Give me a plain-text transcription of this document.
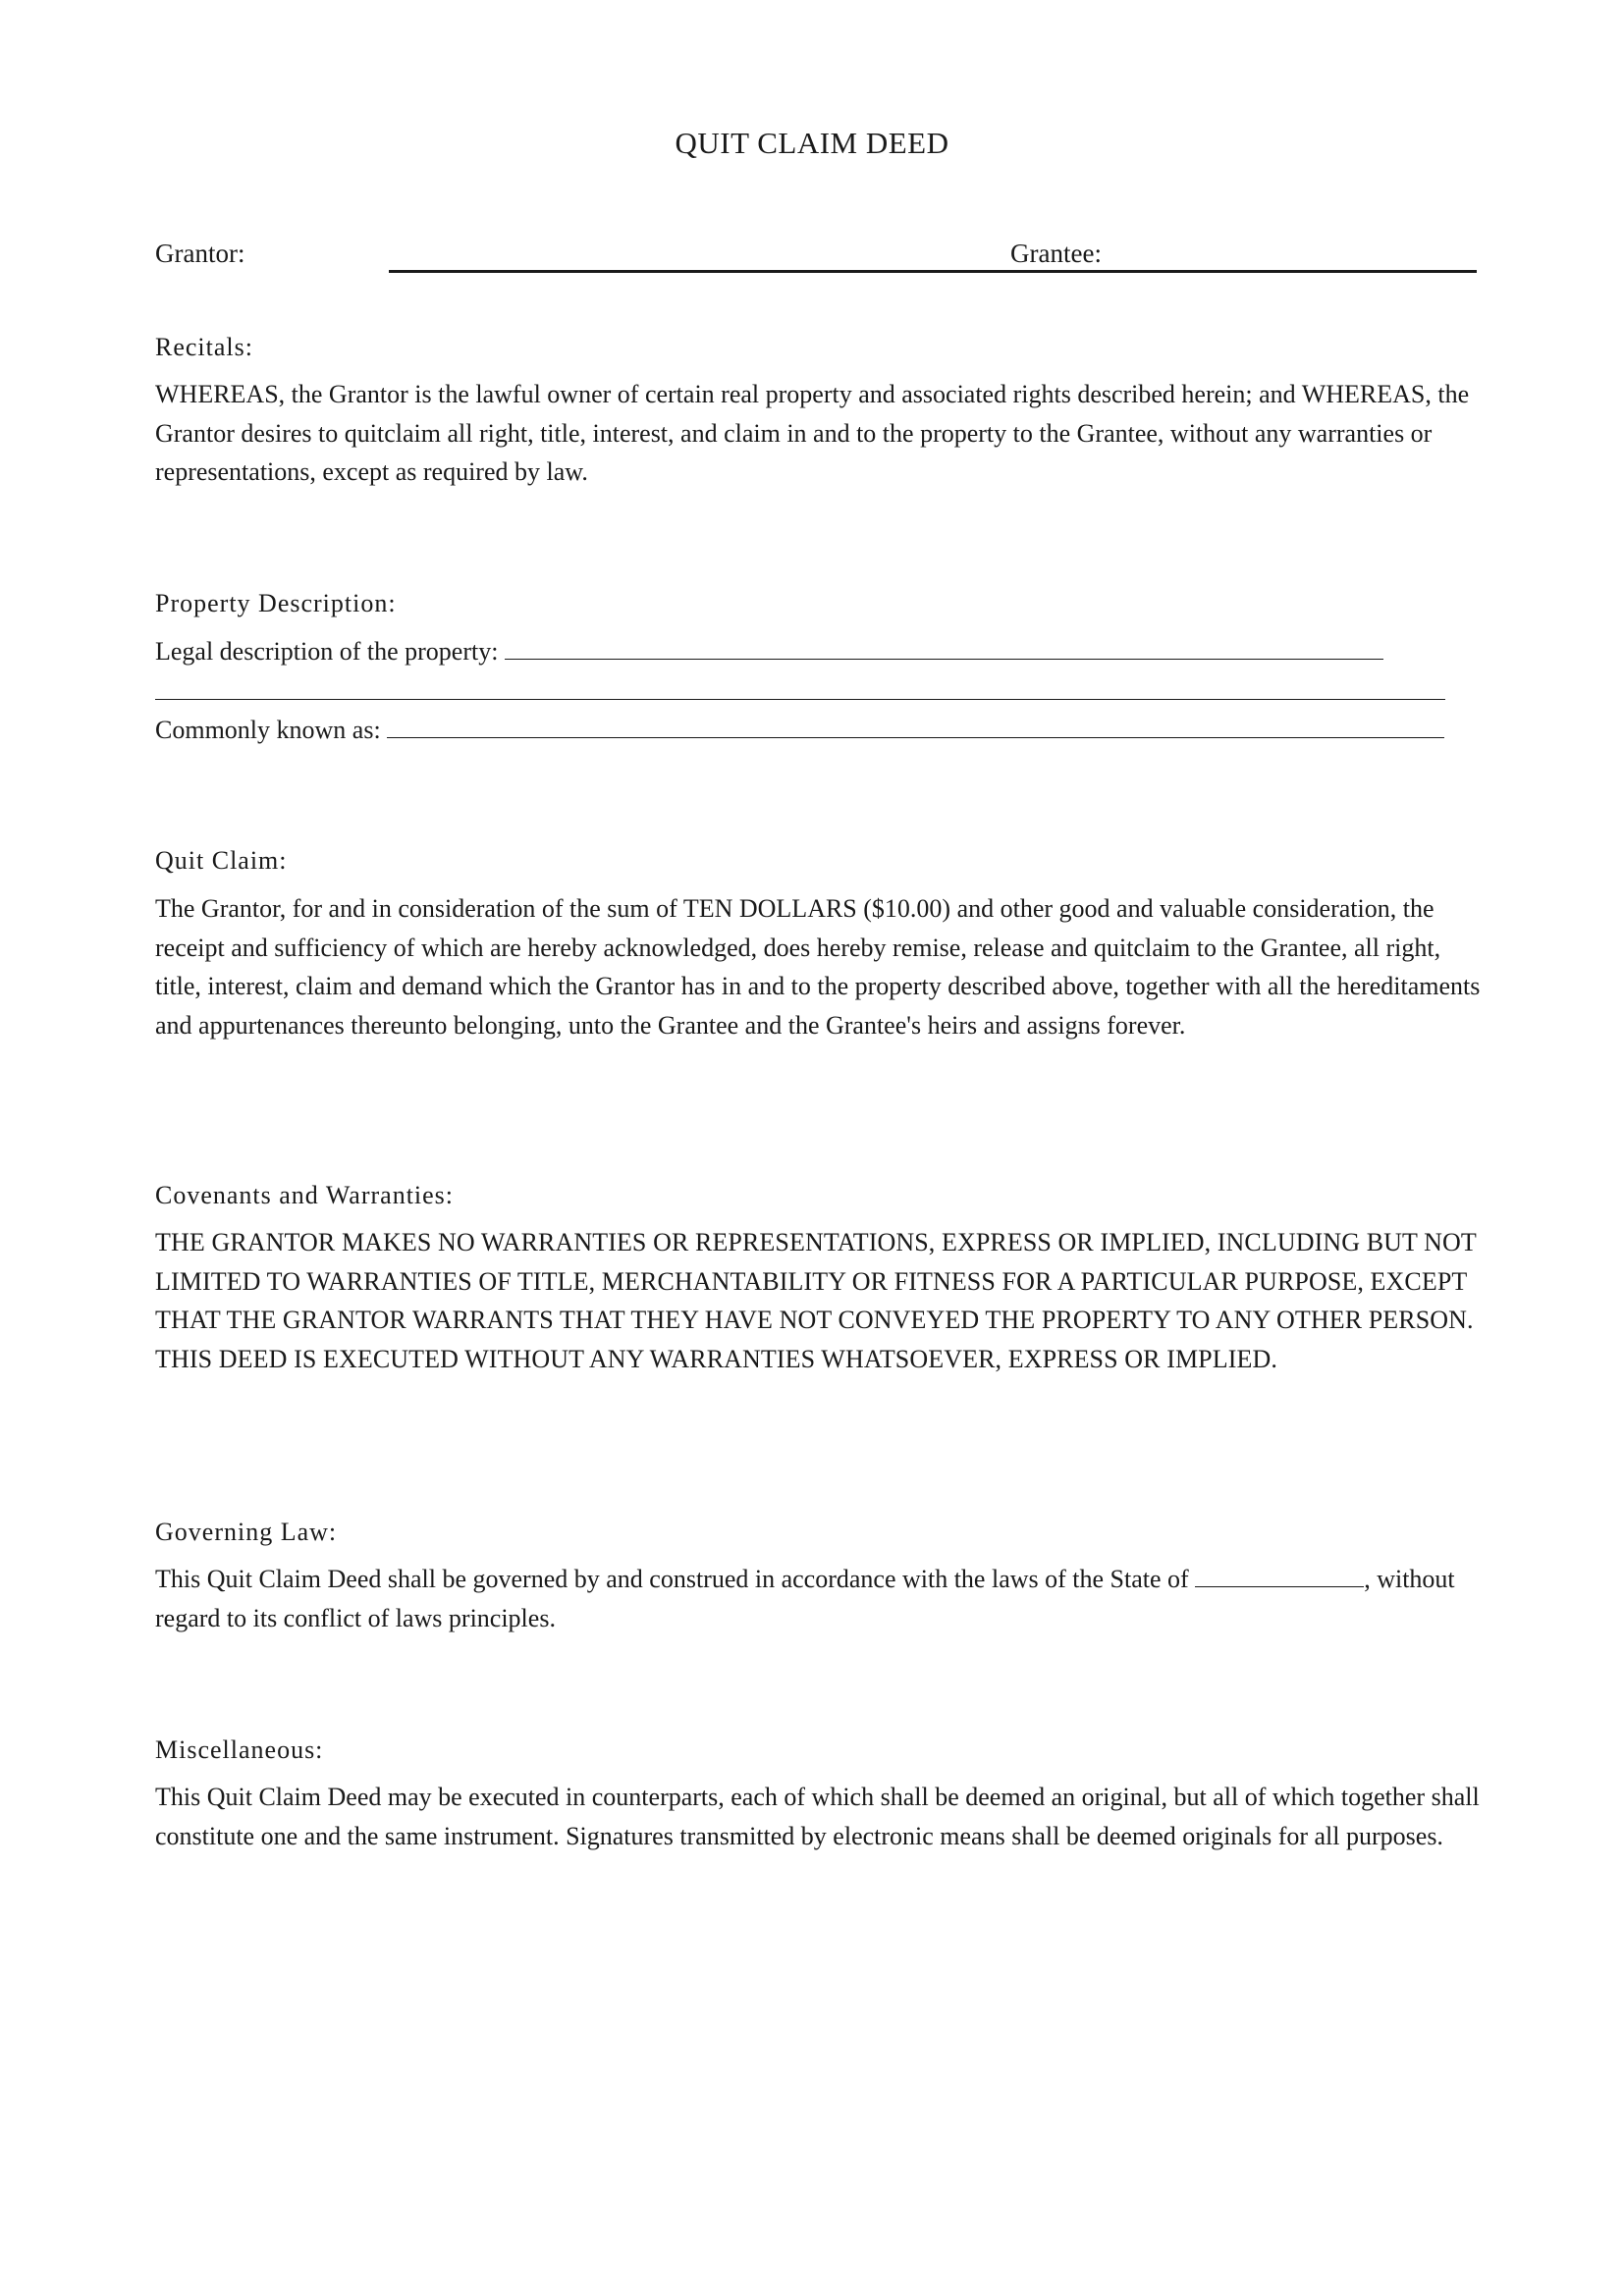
QUIT CLAIM DEED
Grantor:	Grantee:
Recitals:
WHEREAS, the Grantor is the lawful owner of certain real property and associated rights described herein; and WHEREAS, the Grantor desires to quitclaim all right, title, interest, and claim in and to the property to the Grantee, without any warranties or representations, except as required by law.
Property Description:
Legal description of the property:
Commonly known as:
Quit Claim:
The Grantor, for and in consideration of the sum of TEN DOLLARS ($10.00) and other good and valuable consideration, the receipt and sufficiency of which are hereby acknowledged, does hereby remise, release and quitclaim to the Grantee, all right, title, interest, claim and demand which the Grantor has in and to the property described above, together with all the hereditaments and appurtenances thereunto belonging, unto the Grantee and the Grantee's heirs and assigns forever.
Covenants and Warranties:
THE GRANTOR MAKES NO WARRANTIES OR REPRESENTATIONS, EXPRESS OR IMPLIED, INCLUDING BUT NOT LIMITED TO WARRANTIES OF TITLE, MERCHANTABILITY OR FITNESS FOR A PARTICULAR PURPOSE, EXCEPT THAT THE GRANTOR WARRANTS THAT THEY HAVE NOT CONVEYED THE PROPERTY TO ANY OTHER PERSON. THIS DEED IS EXECUTED WITHOUT ANY WARRANTIES WHATSOEVER, EXPRESS OR IMPLIED.
Governing Law:
This Quit Claim Deed shall be governed by and construed in accordance with the laws of the State of	, without regard to its conflict of laws principles.
Miscellaneous:
This Quit Claim Deed may be executed in counterparts, each of which shall be deemed an original, but all of which together shall constitute one and the same instrument. Signatures transmitted by electronic means shall be deemed originals for all purposes.
